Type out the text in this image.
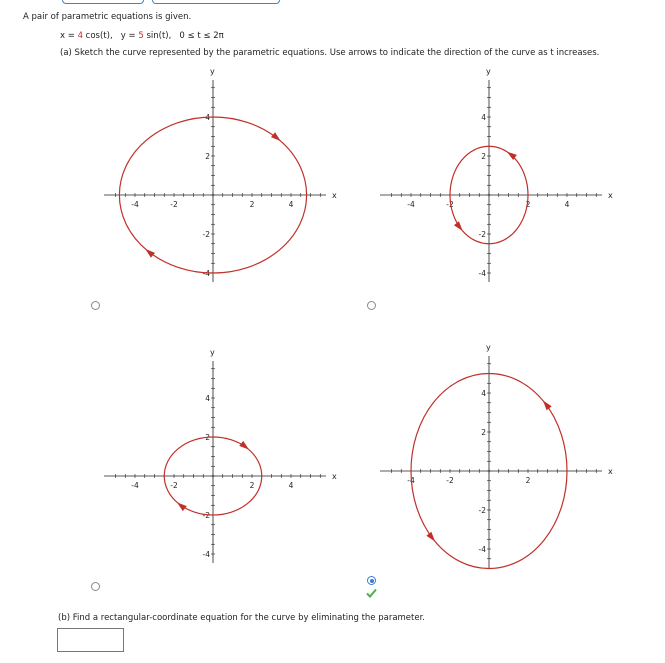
A pair of parametric equations is given.
x = 4 cos(t), y = 5 sin(t), 0 ≤ t ≤ 2π
(a) Sketch the curve represented by the parametric equations. Use arrows to indicate the direction of the curve as t increases.
x
y
-4	-2	2	4
4
2
-2
-4
x
y
-4	-2	2	4
4
2
-2
-4
x
y
-4	-2	2	4
4
2
-2
-4
x
y
-4	-2	2
4
2
-2
-4
(b) Find a rectangular-coordinate equation for the curve by eliminating the parameter.
